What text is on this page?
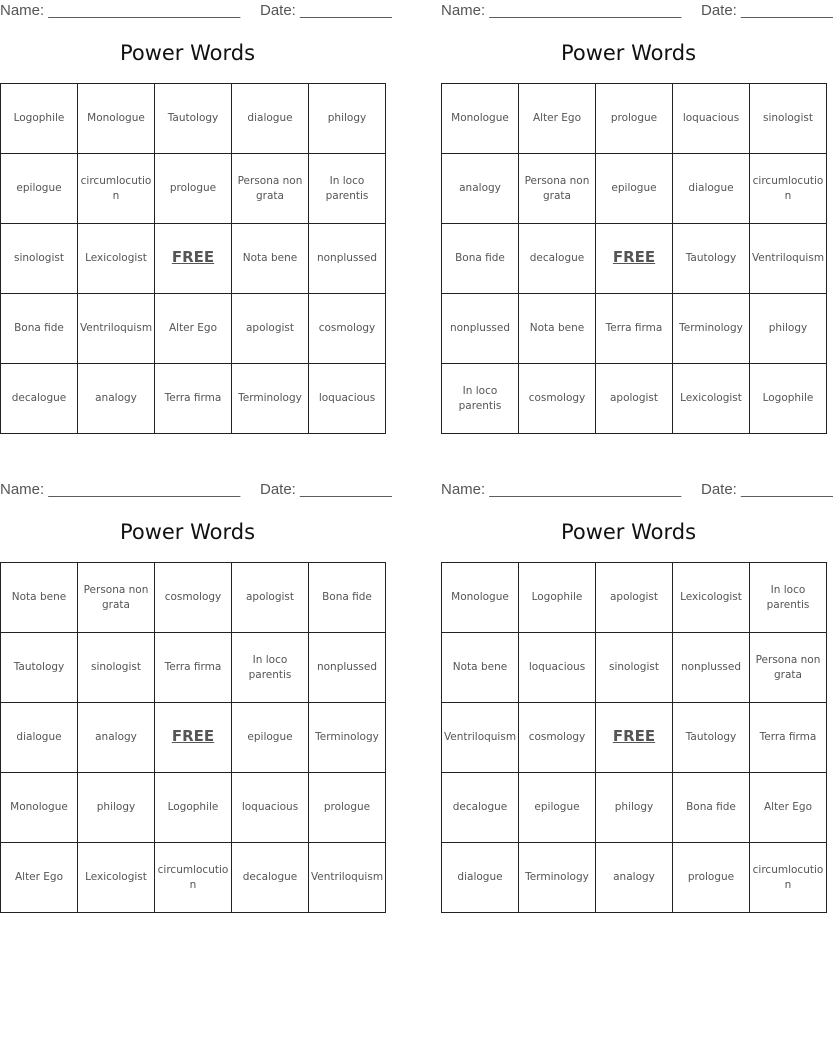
Name: _______________________ Date: ___________
Power Words
Logophile	Monologue	Tautology	dialogue	philogy
epilogue	circumlocution	prologue	Persona non grata	In loco parentis
sinologist	Lexicologist	FREE	Nota bene	nonplussed
Bona fide	Ventriloquism	Alter Ego	apologist	cosmology
decalogue	analogy	Terra firma	Terminology	loquacious
Name: _______________________ Date: ___________
Power Words
Monologue	Alter Ego	prologue	loquacious	sinologist
analogy	Persona non grata	epilogue	dialogue	circumlocution
Bona fide	decalogue	FREE	Tautology	Ventriloquism
nonplussed	Nota bene	Terra firma	Terminology	philogy
In loco parentis	cosmology	apologist	Lexicologist	Logophile
Name: _______________________ Date: ___________
Power Words
Nota bene	Persona non grata	cosmology	apologist	Bona fide
Tautology	sinologist	Terra firma	In loco parentis	nonplussed
dialogue	analogy	FREE	epilogue	Terminology
Monologue	philogy	Logophile	loquacious	prologue
Alter Ego	Lexicologist	circumlocution	decalogue	Ventriloquism
Name: _______________________ Date: ___________
Power Words
Monologue	Logophile	apologist	Lexicologist	In loco parentis
Nota bene	loquacious	sinologist	nonplussed	Persona non grata
Ventriloquism	cosmology	FREE	Tautology	Terra firma
decalogue	epilogue	philogy	Bona fide	Alter Ego
dialogue	Terminology	analogy	prologue	circumlocution
